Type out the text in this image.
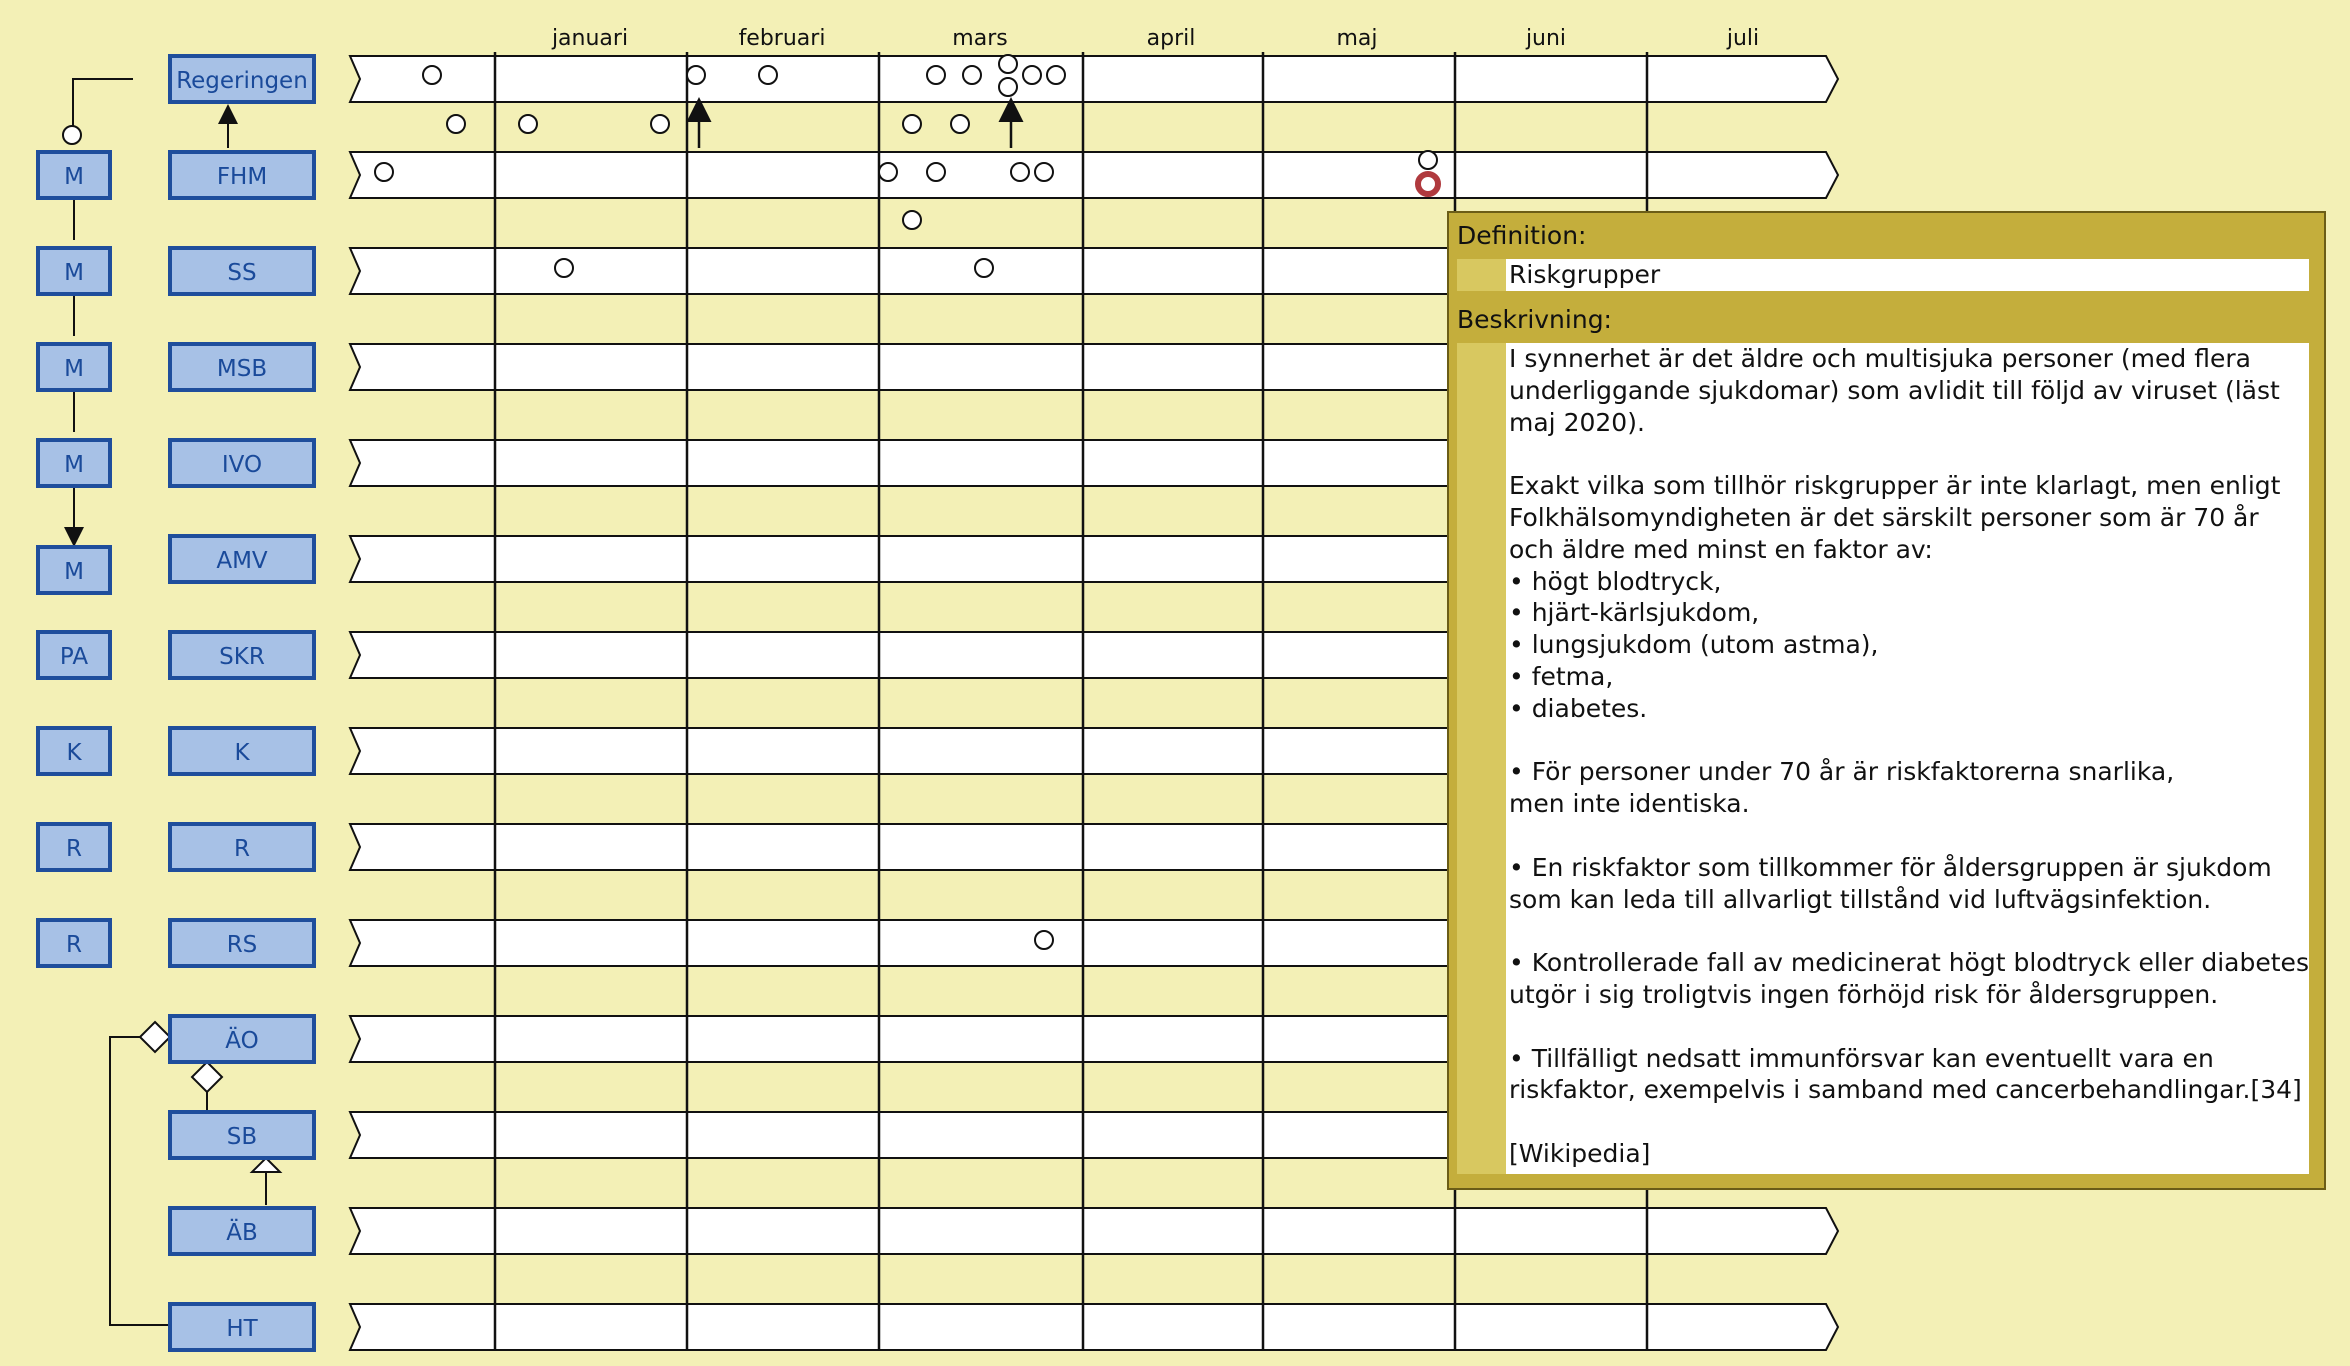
januari	februari	mars	april	maj	juni	juli
M
M
M
M
M
PA
K
R
R
Regeringen
FHM
SS
MSB
IVO
AMV
SKR
K
R
RS
ÄO
SB
ÄB
HT
Definition:
Riskgrupper
Beskrivning:
I synnerhet är det äldre och multisjuka personer (med flera
underliggande sjukdomar) som avlidit till följd av viruset (läst
maj 2020).
Exakt vilka som tillhör riskgrupper är inte klarlagt, men enligt
Folkhälsomyndigheten är det särskilt personer som är 70 år
och äldre med minst en faktor av:
• högt blodtryck,
• hjärt-kärlsjukdom,
• lungsjukdom (utom astma),
• fetma,
• diabetes.
• För personer under 70 år är riskfaktorerna snarlika,
men inte identiska.
• En riskfaktor som tillkommer för åldersgruppen är sjukdom
som kan leda till allvarligt tillstånd vid luftvägsinfektion.
• Kontrollerade fall av medicinerat högt blodtryck eller diabetes
utgör i sig troligtvis ingen förhöjd risk för åldersgruppen.
• Tillfälligt nedsatt immunförsvar kan eventuellt vara en
riskfaktor, exempelvis i samband med cancerbehandlingar.[34]
[Wikipedia]
